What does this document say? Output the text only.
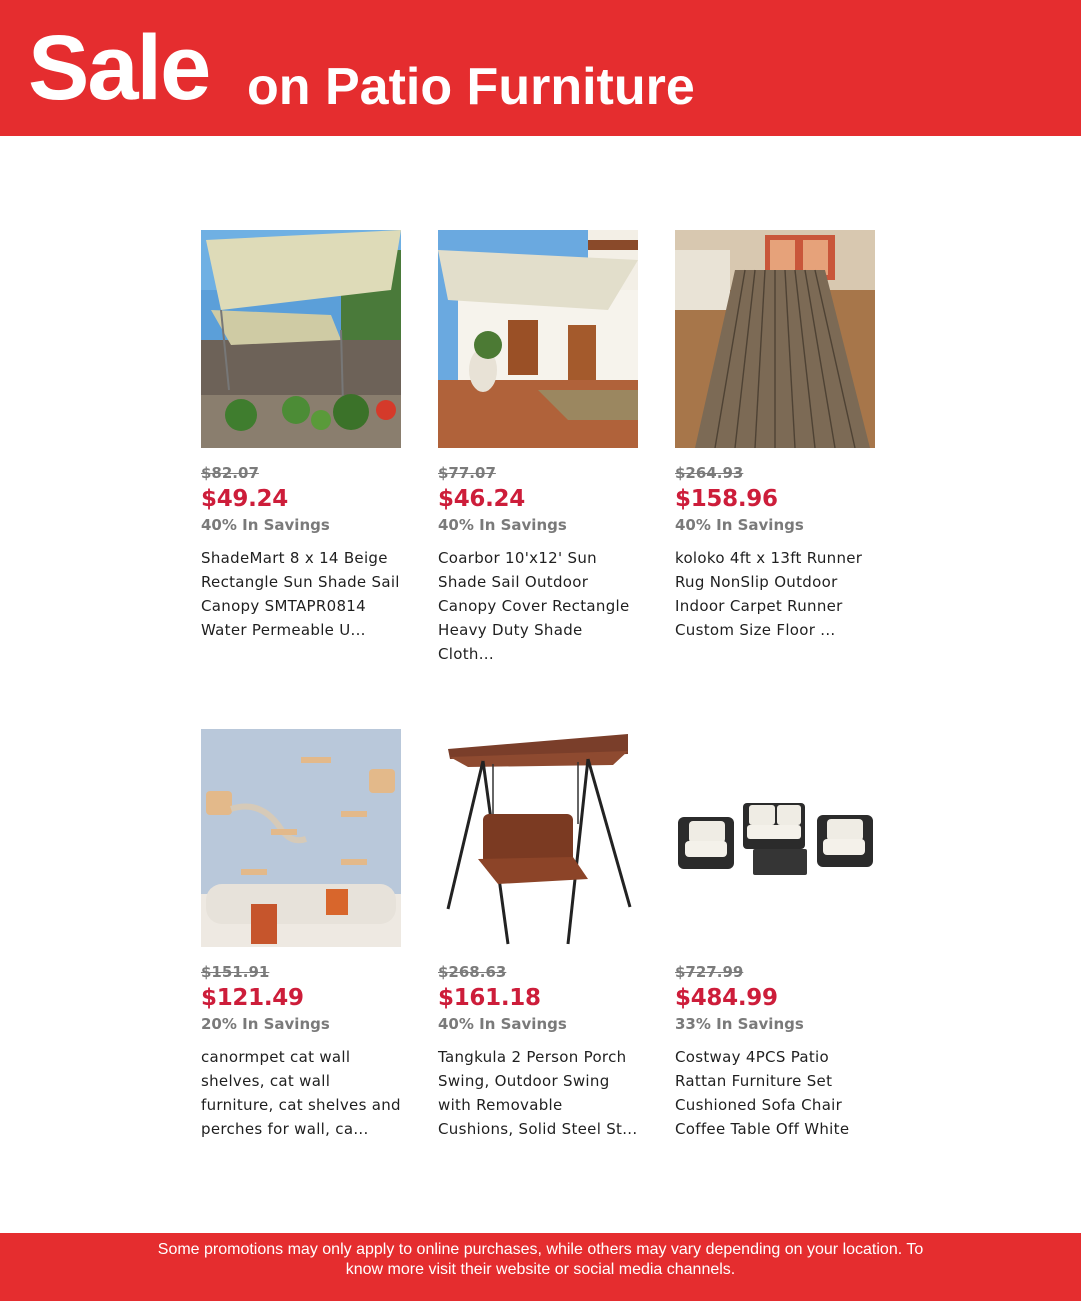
Sale on Patio Furniture
$82.07
$49.24
40% In Savings
ShadeMart 8 x 14 Beige Rectangle Sun Shade Sail Canopy SMTAPR0814 Water Permeable U...
$77.07
$46.24
40% In Savings
Coarbor 10'x12' Sun Shade Sail Outdoor Canopy Cover Rectangle Heavy Duty Shade Cloth...
$264.93
$158.96
40% In Savings
koloko 4ft x 13ft Runner Rug NonSlip Outdoor Indoor Carpet Runner Custom Size Floor ...
$151.91
$121.49
20% In Savings
canormpet cat wall shelves, cat wall furniture, cat shelves and perches for wall, ca...
$268.63
$161.18
40% In Savings
Tangkula 2 Person Porch Swing, Outdoor Swing with Removable Cushions, Solid Steel St...
$727.99
$484.99
33% In Savings
Costway 4PCS Patio Rattan Furniture Set Cushioned Sofa Chair Coffee Table Off White
Some promotions may only apply to online purchases, while others may vary depending on your location. To
know more visit their website or social media channels.
